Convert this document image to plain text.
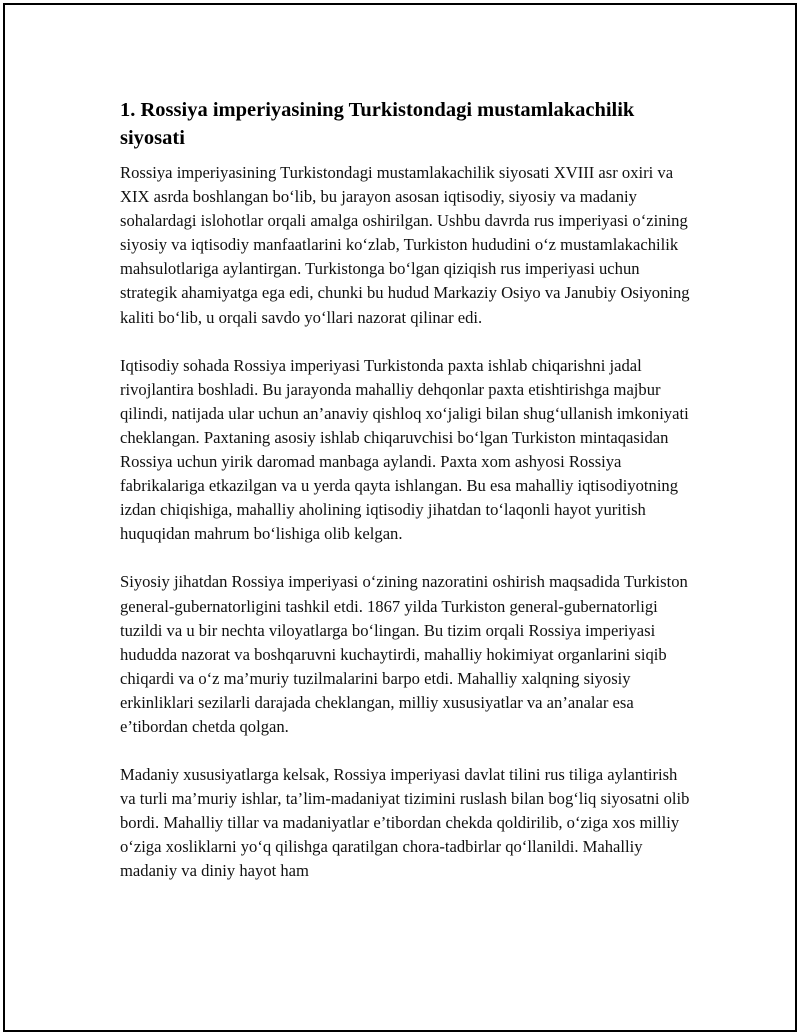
1. Rossiya imperiyasining Turkistondagi mustamlakachilik siyosati

Rossiya imperiyasining Turkistondagi mustamlakachilik siyosati XVIII asr oxiri va XIX asrda boshlangan bo‘lib, bu jarayon asosan iqtisodiy, siyosiy va madaniy sohalardagi islohotlar orqali amalga oshirilgan. Ushbu davrda rus imperiyasi o‘zining siyosiy va iqtisodiy manfaatlarini ko‘zlab, Turkiston hududini o‘z mustamlakachilik mahsulotlariga aylantirgan. Turkistonga bo‘lgan qiziqish rus imperiyasi uchun strategik ahamiyatga ega edi, chunki bu hudud Markaziy Osiyo va Janubiy Osiyoning kaliti bo‘lib, u orqali savdo yo‘llari nazorat qilinar edi.

Iqtisodiy sohada Rossiya imperiyasi Turkistonda paxta ishlab chiqarishni jadal rivojlantira boshladi. Bu jarayonda mahalliy dehqonlar paxta etishtirishga majbur qilindi, natijada ular uchun an’anaviy qishloq xo‘jaligi bilan shug‘ullanish imkoniyati cheklangan. Paxtaning asosiy ishlab chiqaruvchisi bo‘lgan Turkiston mintaqasidan Rossiya uchun yirik daromad manbaga aylandi. Paxta xom ashyosi Rossiya fabrikalariga etkazilgan va u yerda qayta ishlangan. Bu esa mahalliy iqtisodiyotning izdan chiqishiga, mahalliy aholining iqtisodiy jihatdan to‘laqonli hayot yuritish huquqidan mahrum bo‘lishiga olib kelgan.

Siyosiy jihatdan Rossiya imperiyasi o‘zining nazoratini oshirish maqsadida Turkiston general-gubernatorligini tashkil etdi. 1867 yilda Turkiston general-gubernatorligi tuzildi va u bir nechta viloyatlarga bo‘lingan. Bu tizim orqali Rossiya imperiyasi hududda nazorat va boshqaruvni kuchaytirdi, mahalliy hokimiyat organlarini siqib chiqardi va o‘z ma’muriy tuzilmalarini barpo etdi. Mahalliy xalqning siyosiy erkinliklari sezilarli darajada cheklangan, milliy xususiyatlar va an’analar esa e’tibordan chetda qolgan.

Madaniy xususiyatlarga kelsak, Rossiya imperiyasi davlat tilini rus tiliga aylantirish va turli ma’muriy ishlar, ta’lim-madaniyat tizimini ruslash bilan bog‘liq siyosatni olib bordi. Mahalliy tillar va madaniyatlar e’tibordan chekda qoldirilib, o‘ziga xos milliy o‘ziga xosliklarni yo‘q qilishga qaratilgan chora-tadbirlar qo‘llanildi. Mahalliy madaniy va diniy hayot ham
